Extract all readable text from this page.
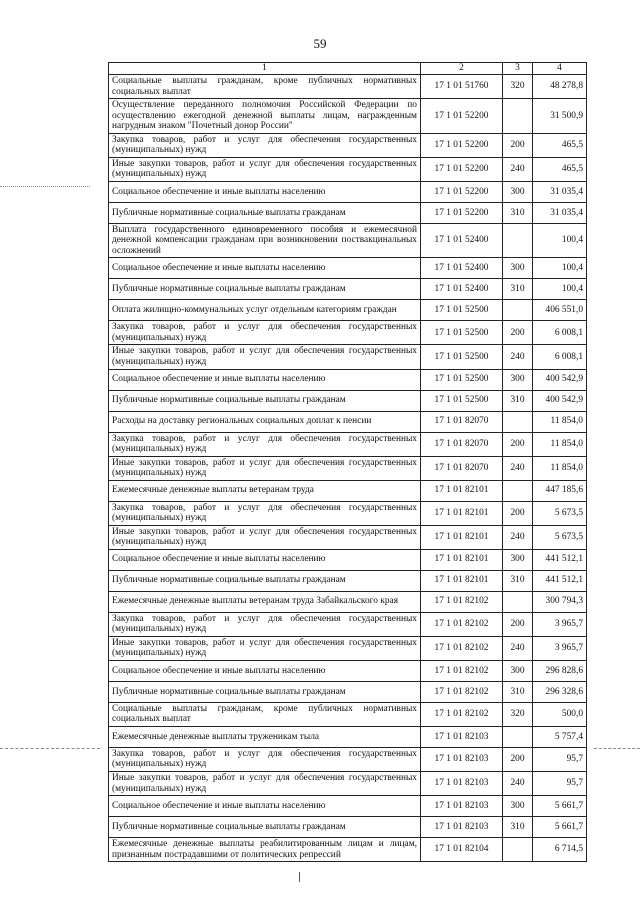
59
1	2	3	4

Социальные выплаты гражданам, кроме публичных нормативных социальных выплат	17 1 01 51760	320	48 278,8

Осуществление переданного полномочия Российской Федерации по осуществлению ежегодной денежной выплаты лицам, награжденным нагрудным знаком "Почетный донор России"	17 1 01 52200		31 500,9

Закупка товаров, работ и услуг для обеспечения государственных (муниципальных) нужд	17 1 01 52200	200	465,5

Иные закупки товаров, работ и услуг для обеспечения государственных (муниципальных) нужд	17 1 01 52200	240	465,5

Социальное обеспечение и иные выплаты населению	17 1 01 52200	300	31 035,4

Публичные нормативные социальные выплаты гражданам	17 1 01 52200	310	31 035,4

Выплата государственного единовременного пособия и ежемесячной денежной компенсации гражданам при возникновении поствакцинальных осложнений	17 1 01 52400		100,4

Социальное обеспечение и иные выплаты населению	17 1 01 52400	300	100,4

Публичные нормативные социальные выплаты гражданам	17 1 01 52400	310	100,4

Оплата жилищно-коммунальных услуг отдельным категориям граждан	17 1 01 52500		406 551,0

Закупка товаров, работ и услуг для обеспечения государственных (муниципальных) нужд	17 1 01 52500	200	6 008,1

Иные закупки товаров, работ и услуг для обеспечения государственных (муниципальных) нужд	17 1 01 52500	240	6 008,1

Социальное обеспечение и иные выплаты населению	17 1 01 52500	300	400 542,9

Публичные нормативные социальные выплаты гражданам	17 1 01 52500	310	400 542,9

Расходы на доставку региональных социальных доплат к пенсии	17 1 01 82070		11 854,0

Закупка товаров, работ и услуг для обеспечения государственных (муниципальных) нужд	17 1 01 82070	200	11 854,0

Иные закупки товаров, работ и услуг для обеспечения государственных (муниципальных) нужд	17 1 01 82070	240	11 854,0

Ежемесячные денежные выплаты ветеранам труда	17 1 01 82101		447 185,6

Закупка товаров, работ и услуг для обеспечения государственных (муниципальных) нужд	17 1 01 82101	200	5 673,5

Иные закупки товаров, работ и услуг для обеспечения государственных (муниципальных) нужд	17 1 01 82101	240	5 673,5

Социальное обеспечение и иные выплаты населению	17 1 01 82101	300	441 512,1

Публичные нормативные социальные выплаты гражданам	17 1 01 82101	310	441 512,1

Ежемесячные денежные выплаты ветеранам труда Забайкальского края	17 1 01 82102		300 794,3

Закупка товаров, работ и услуг для обеспечения государственных (муниципальных) нужд	17 1 01 82102	200	3 965,7

Иные закупки товаров, работ и услуг для обеспечения государственных (муниципальных) нужд	17 1 01 82102	240	3 965,7

Социальное обеспечение и иные выплаты населению	17 1 01 82102	300	296 828,6

Публичные нормативные социальные выплаты гражданам	17 1 01 82102	310	296 328,6

Социальные выплаты гражданам, кроме публичных нормативных социальных выплат	17 1 01 82102	320	500,0

Ежемесячные денежные выплаты труженикам тыла	17 1 01 82103		5 757,4

Закупка товаров, работ и услуг для обеспечения государственных (муниципальных) нужд	17 1 01 82103	200	95,7

Иные закупки товаров, работ и услуг для обеспечения государственных (муниципальных) нужд	17 1 01 82103	240	95,7

Социальное обеспечение и иные выплаты населению	17 1 01 82103	300	5 661,7

Публичные нормативные социальные выплаты гражданам	17 1 01 82103	310	5 661,7

Ежемесячные денежные выплаты реабилитированным лицам и лицам, признанным пострадавшими от политических репрессий	17 1 01 82104		6 714,5
